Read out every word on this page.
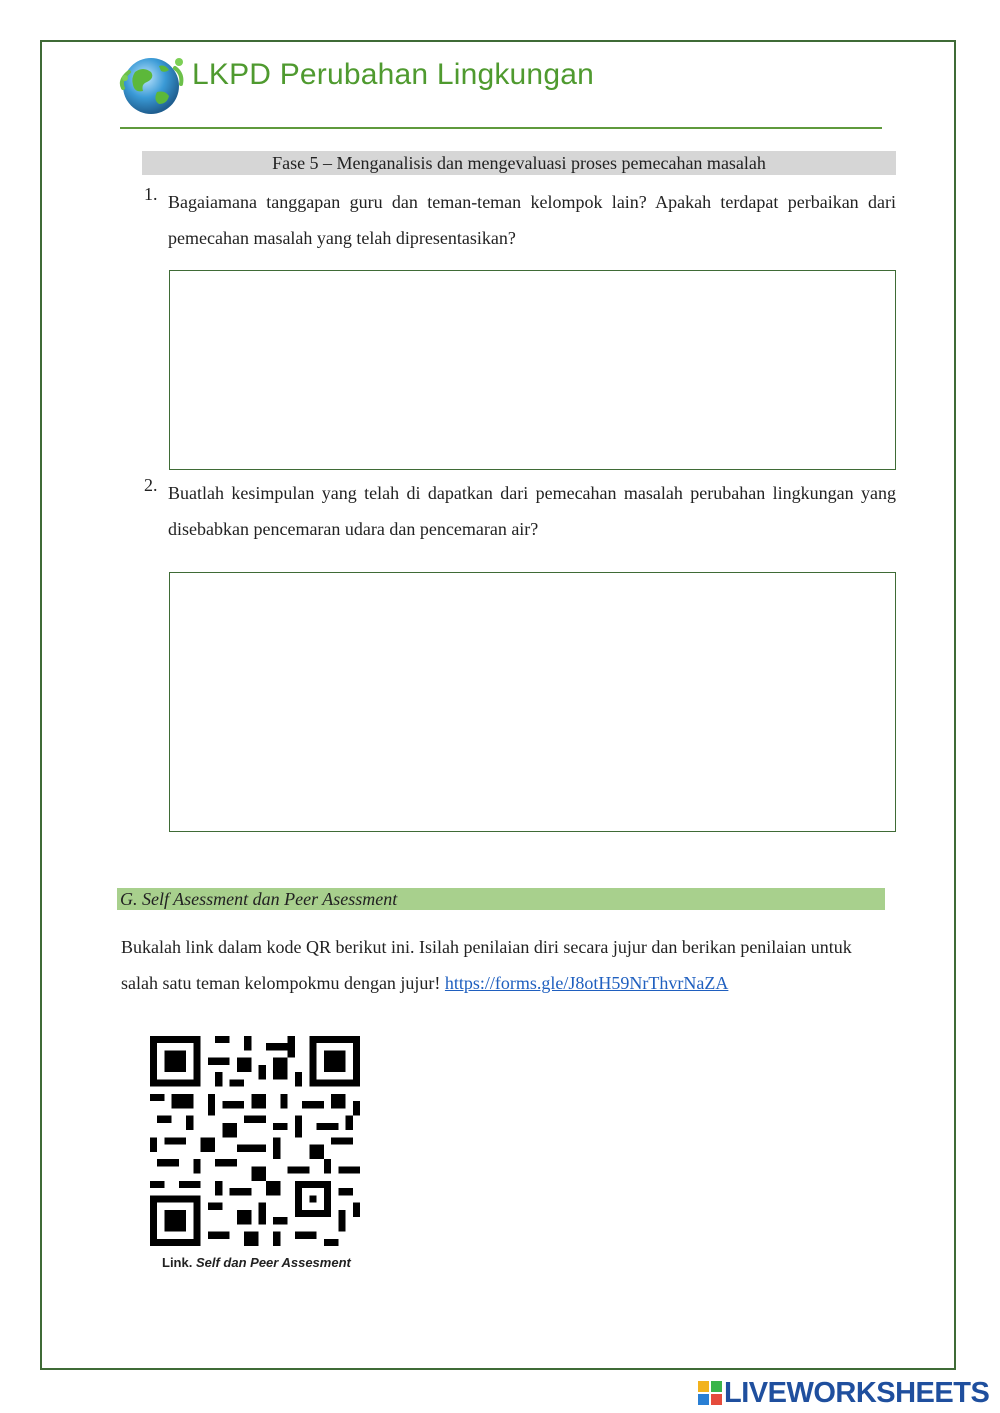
LKPD Perubahan Lingkungan
Fase 5 – Menganalisis dan mengevaluasi proses pemecahan masalah
1. Bagaiamana tanggapan guru dan teman-teman kelompok lain? Apakah terdapat perbaikan dari pemecahan masalah yang telah dipresentasikan?
2. Buatlah kesimpulan yang telah di dapatkan dari pemecahan masalah perubahan lingkungan yang disebabkan pencemaran udara dan pencemaran air?
G. Self Asessment dan Peer Asessment
Bukalah link dalam kode QR berikut ini. Isilah penilaian diri secara jujur dan berikan penilaian untuk salah satu teman kelompokmu dengan jujur! https://forms.gle/J8otH59NrThvrNaZA
Link. Self dan Peer Assesment
LIVEWORKSHEETS
